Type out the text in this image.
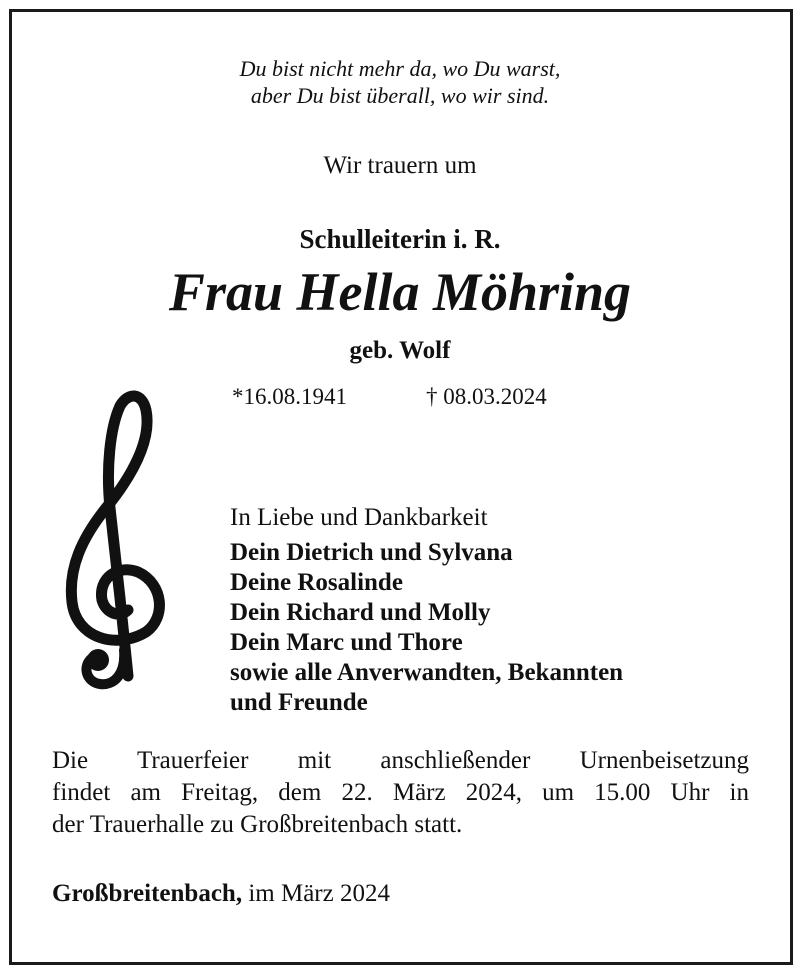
Du bist nicht mehr da, wo Du warst,
aber Du bist überall, wo wir sind.
Wir trauern um
Schulleiterin i. R.
Frau Hella Möhring
geb. Wolf
*16.08.1941	† 08.03.2024
In Liebe und Dankbarkeit
Dein Dietrich und Sylvana
Deine Rosalinde
Dein Richard und Molly
Dein Marc und Thore
sowie alle Anverwandten, Bekannten
und Freunde
Die Trauerfeier mit anschließender Urnenbeisetzung
findet am Freitag, dem 22. März 2024, um 15.00 Uhr in
der Trauerhalle zu Großbreitenbach statt.
Großbreitenbach, im März 2024
